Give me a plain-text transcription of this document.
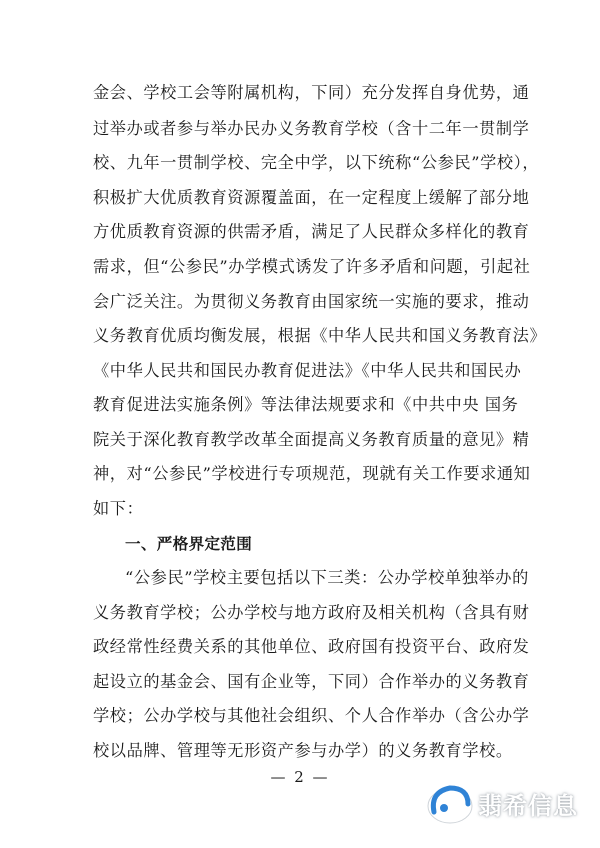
金会、学校工会等附属机构，下同）充分发挥自身优势，通
过举办或者参与举办民办义务教育学校（含十二年一贯制学
校、九年一贯制学校、完全中学，以下统称“公参民”学校），
积极扩大优质教育资源覆盖面，在一定程度上缓解了部分地
方优质教育资源的供需矛盾，满足了人民群众多样化的教育
需求，但“公参民”办学模式诱发了许多矛盾和问题，引起社
会广泛关注。为贯彻义务教育由国家统一实施的要求，推动
义务教育优质均衡发展，根据《中华人民共和国义务教育法》
《中华人民共和国民办教育促进法》《中华人民共和国民办
教育促进法实施条例》等法律法规要求和《中共中央 国务
院关于深化教育教学改革全面提高义务教育质量的意见》精
神，对“公参民”学校进行专项规范，现就有关工作要求通知
如下：
一、严格界定范围
“公参民”学校主要包括以下三类：公办学校单独举办的
义务教育学校；公办学校与地方政府及相关机构（含具有财
政经常性经费关系的其他单位、政府国有投资平台、政府发
起设立的基金会、国有企业等，下同）合作举办的义务教育
学校；公办学校与其他社会组织、个人合作举办（含公办学
校以品牌、管理等无形资产参与办学）的义务教育学校。
— 2 —
翡希信息
